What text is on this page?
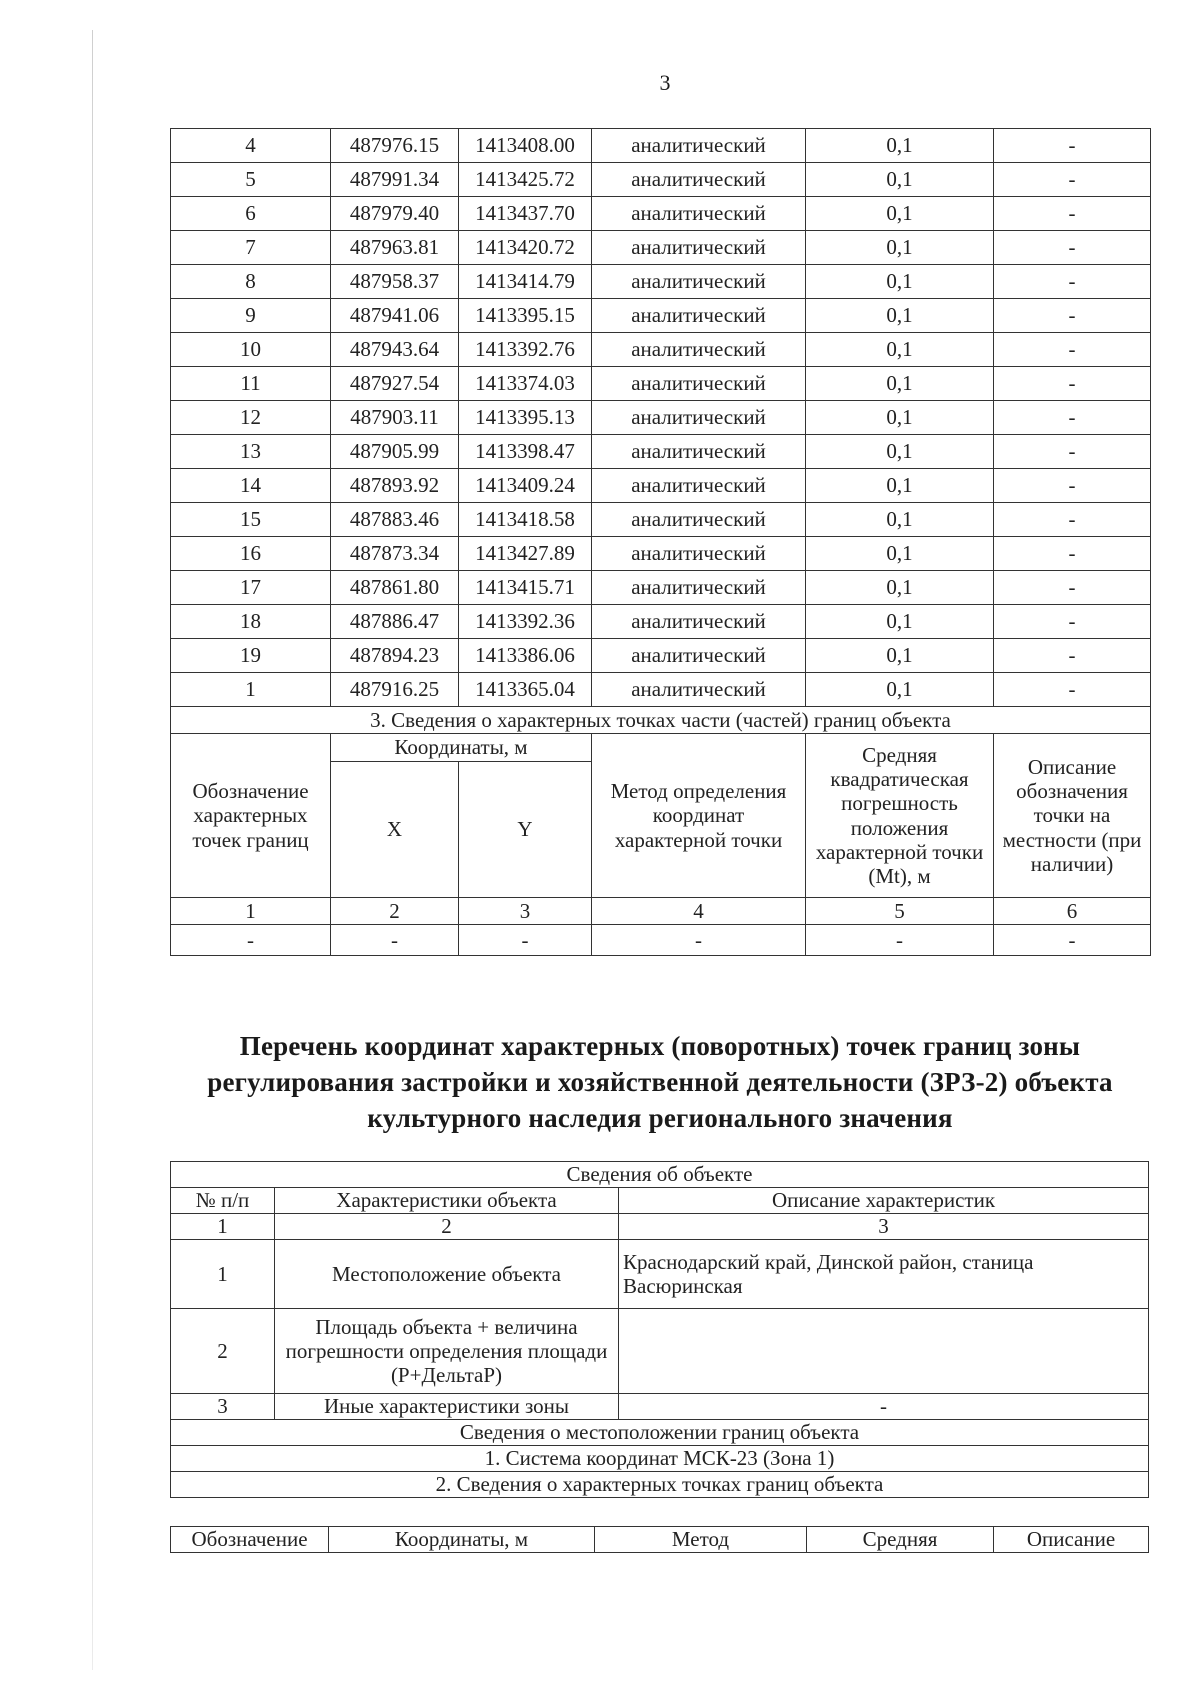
3
4	487976.15	1413408.00	аналитический	0,1	-
5	487991.34	1413425.72	аналитический	0,1	-
6	487979.40	1413437.70	аналитический	0,1	-
7	487963.81	1413420.72	аналитический	0,1	-
8	487958.37	1413414.79	аналитический	0,1	-
9	487941.06	1413395.15	аналитический	0,1	-
10	487943.64	1413392.76	аналитический	0,1	-
11	487927.54	1413374.03	аналитический	0,1	-
12	487903.11	1413395.13	аналитический	0,1	-
13	487905.99	1413398.47	аналитический	0,1	-
14	487893.92	1413409.24	аналитический	0,1	-
15	487883.46	1413418.58	аналитический	0,1	-
16	487873.34	1413427.89	аналитический	0,1	-
17	487861.80	1413415.71	аналитический	0,1	-
18	487886.47	1413392.36	аналитический	0,1	-
19	487894.23	1413386.06	аналитический	0,1	-
1	487916.25	1413365.04	аналитический	0,1	-
3. Сведения о характерных точках части (частей) границ объекта					
Обозначение характерных точек границ	Координаты, м		Метод определения координат характерной точки	Средняя квадратическая погрешность положения характерной точки (Mt), м	Описание обозначения точки на местности (при наличии)
	X	Y			
1	2	3	4	5	6
-	-	-	-	-	-
Перечень координат характерных (поворотных) точек границ зоны регулирования застройки и хозяйственной деятельности (ЗРЗ-2) объекта культурного наследия регионального значения
Сведения об объекте		
№ п/п	Характеристики объекта	Описание характеристик
1	2	3
1	Местоположение объекта	Краснодарский край, Динской район, станица Васюринская
2	Площадь объекта + величина погрешности определения площади (P+ДельтаP)	
3	Иные характеристики зоны	-
Сведения о местоположении границ объекта		
1. Система координат МСК-23 (Зона 1)		
2. Сведения о характерных точках границ объекта		
Обозначение	Координаты, м	Метод	Средняя	Описание
